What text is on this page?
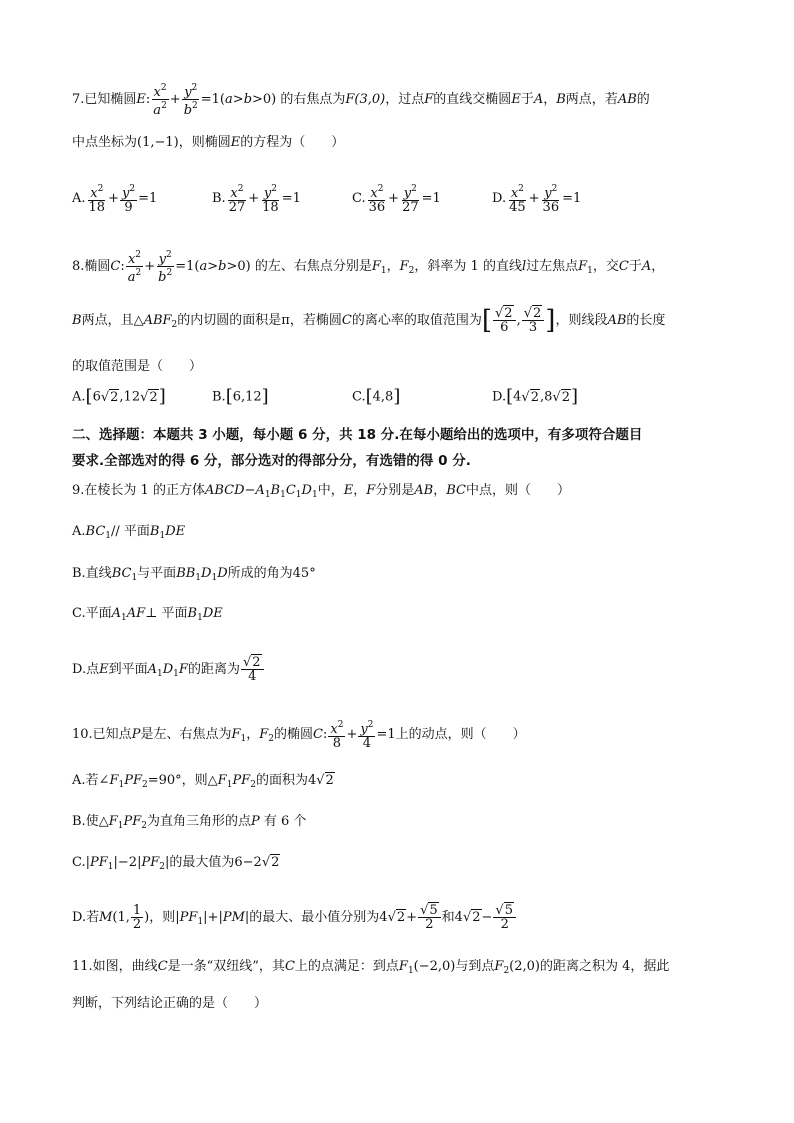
7.已知椭圆E: $\frac{x^2}{a^2} + \frac{y^2}{b^2} =1(a>b>0)$ 的右焦点为F(3,0)，过点F的直线交椭圆E于A，B两点，若AB的
中点坐标为(1,−1)，则椭圆E的方程为（　　）
A. $\frac{x^2}{18} + \frac{y^2}{9} =1$	B. $\frac{x^2}{27} + \frac{y^2}{18} =1$	C. $\frac{x^2}{36} + \frac{y^2}{27} =1$	D. $\frac{x^2}{45} + \frac{y^2}{36} =1$
8.椭圆C: $\frac{x^2}{a^2} + \frac{y^2}{b^2} =1(a>b>0)$ 的左、右焦点分别是$F_1$，$F_2$，斜率为 1 的直线l过左焦点$F_1$，交C于A，
B两点，且$\triangle ABF_2$的内切圆的面积是π，若椭圆C的离心率的取值范围为[ $\frac{√2}{6}$ , $\frac{√2}{3}$ ]，则线段AB的长度
的取值范围是（　　）
A.[6√2,12√2]	B.[6,12]	C.[4,8]	D.[4√2,8√2]
二、选择题：本题共 3 小题，每小题 6 分，共 18 分.在每小题给出的选项中，有多项符合题目
要求.全部选对的得 6 分，部分选对的得部分分，有选错的得 0 分.
9.在棱长为 1 的正方体$ABCD-A_1B_1C_1D_1$中，E，F分别是AB，BC中点，则（　　）
$A.BC_1//$ 平面$B_1DE$
B.直线$BC_1$与平面$BB_1D_1D$所成的角为45°
C.平面$A_1AF\perp$ 平面$B_1DE$
D.点E到平面$A_1D_1F$的距离为 $\frac{√2}{4}$
10.已知点P是左、右焦点为$F_1$，$F_2$的椭圆C: $\frac{x^2}{8} + \frac{y^2}{4} =1$上的动点，则（　　）
A.若$\angle F_1PF_2=90^\circ$，则$\triangle F_1PF_2$的面积为4√2
B.使$\triangle F_1PF_2$为直角三角形的点P 有 6 个
$C.|PF_1|-2|PF_2|$的最大值为6−2√2
D.若M(1, $\frac{1}{2}$ )，则$|PF_1|+|PM|$的最大、最小值分别为$4√2+ \frac{√5}{2}$ 和$4√2- \frac{√5}{2}$
11.如图，曲线C是一条“双纽线”，其C上的点满足：到点$F_1(-2,0)$与到点$F_2(2,0)$的距离之积为 4，据此
判断，下列结论正确的是（　　）
